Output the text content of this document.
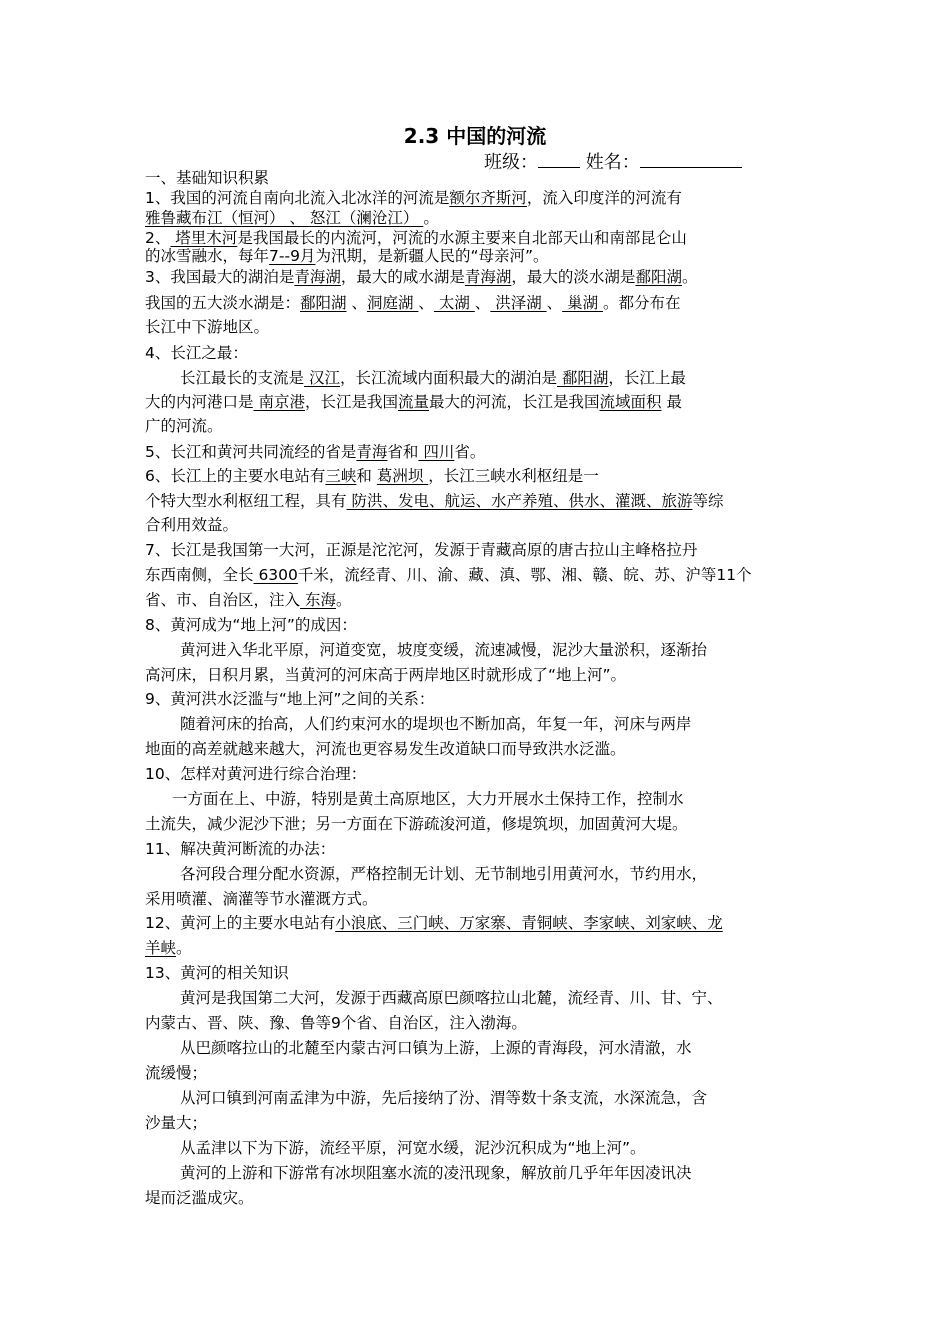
2.3 中国的河流
班级：	姓名：
一、基础知识积累
1、我国的河流自南向北流入北冰洋的河流是额尔齐斯河，流入印度洋的河流有
雅鲁藏布江（恒河） 、 怒江（澜沧江） 。
2、 塔里木河是我国最长的内流河，河流的水源主要来自北部天山和南部昆仑山
的冰雪融水，每年7--9月为汛期，是新疆人民的“母亲河”。
3、我国最大的湖泊是青海湖，最大的咸水湖是青海湖，最大的淡水湖是鄱阳湖。
我国的五大淡水湖是：鄱阳湖 、洞庭湖 、 太湖 、 洪泽湖 、 巢湖 。都分布在
长江中下游地区。
4、长江之最：
长江最长的支流是 汉江，长江流域内面积最大的湖泊是 鄱阳湖，长江上最
大的内河港口是 南京港，长江是我国流量最大的河流，长江是我国流域面积 最
广的河流。
5、长江和黄河共同流经的省是青海省和 四川省。
6、长江上的主要水电站有三峡和 葛洲坝 ，长江三峡水利枢纽是一
个特大型水利枢纽工程，具有 防洪、发电、航运、水产养殖、供水、灌溉、旅游等综
合利用效益。
7、长江是我国第一大河，正源是沱沱河，发源于青藏高原的唐古拉山主峰格拉丹
东西南侧，全长 6300千米，流经青、川、渝、藏、滇、鄂、湘、赣、皖、苏、沪等11个
省、市、自治区，注入 东海。
8、黄河成为“地上河”的成因：
黄河进入华北平原，河道变宽，坡度变缓，流速减慢，泥沙大量淤积，逐渐抬
高河床，日积月累，当黄河的河床高于两岸地区时就形成了“地上河”。
9、黄河洪水泛滥与“地上河”之间的关系：
随着河床的抬高，人们约束河水的堤坝也不断加高，年复一年，河床与两岸
地面的高差就越来越大，河流也更容易发生改道缺口而导致洪水泛滥。
10、怎样对黄河进行综合治理：
一方面在上、中游，特别是黄土高原地区，大力开展水土保持工作，控制水
土流失，减少泥沙下泄；另一方面在下游疏浚河道，修堤筑坝，加固黄河大堤。
11、解决黄河断流的办法：
各河段合理分配水资源，严格控制无计划、无节制地引用黄河水，节约用水，
采用喷灌、滴灌等节水灌溉方式。
12、黄河上的主要水电站有小浪底、三门峡、万家寨、青铜峡、李家峡、刘家峡、龙
羊峡。
13、黄河的相关知识
黄河是我国第二大河，发源于西藏高原巴颜喀拉山北麓，流经青、川、甘、宁、
内蒙古、晋、陕、豫、鲁等9个省、自治区，注入渤海。
从巴颜喀拉山的北麓至内蒙古河口镇为上游，上源的青海段，河水清澈，水
流缓慢；
从河口镇到河南孟津为中游，先后接纳了汾、渭等数十条支流，水深流急，含
沙量大；
从孟津以下为下游，流经平原，河宽水缓，泥沙沉积成为“地上河”。
黄河的上游和下游常有冰坝阻塞水流的凌汛现象，解放前几乎年年因凌讯决
堤而泛滥成灾。
